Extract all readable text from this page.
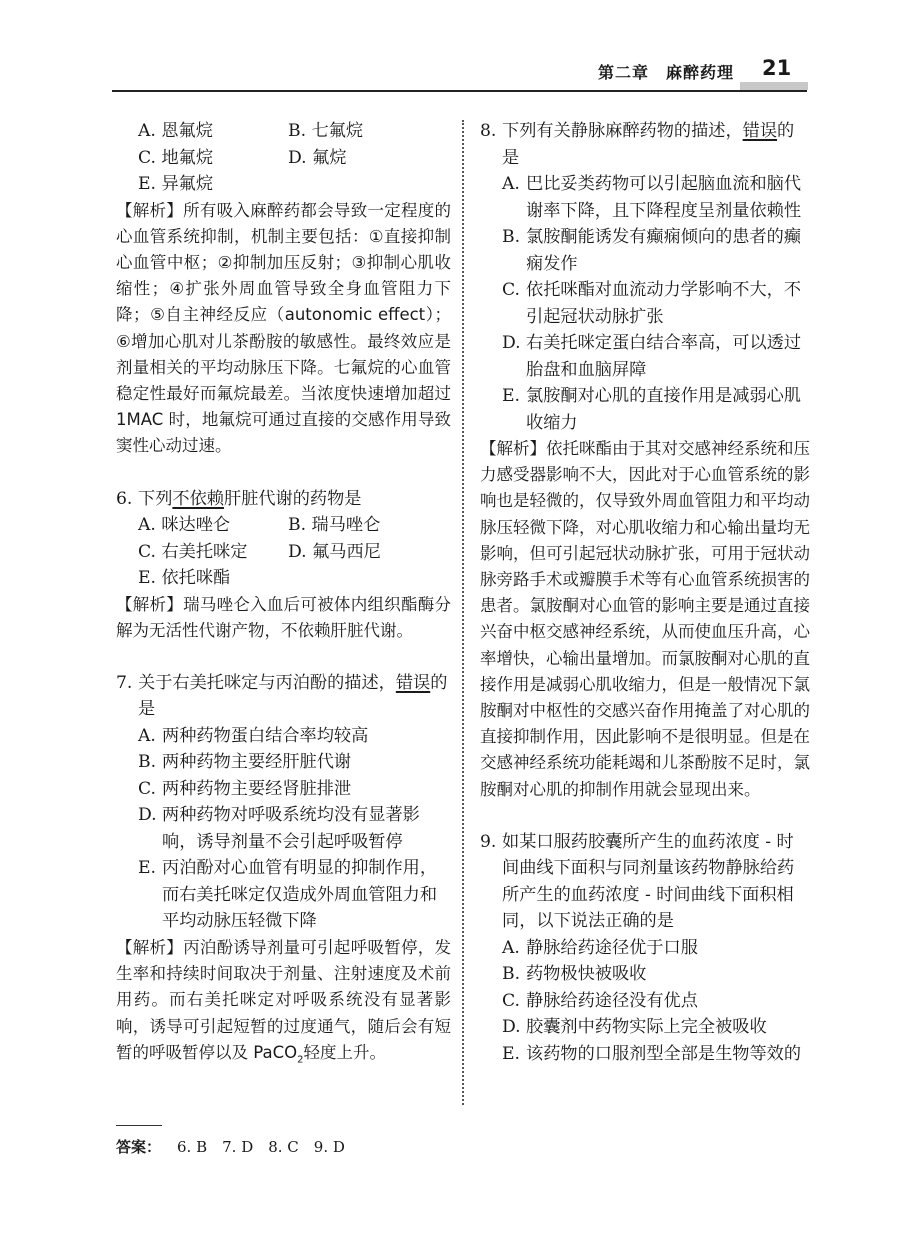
第二章　麻醉药理 21
A. 恩氟烷	B. 七氟烷
C. 地氟烷	D. 氟烷
E. 异氟烷
【解析】所有吸入麻醉药都会导致一定程度的心血管系统抑制，机制主要包括：①直接抑制心血管中枢；②抑制加压反射；③抑制心肌收缩性；④扩张外周血管导致全身血管阻力下降；⑤自主神经反应（autonomic effect）；⑥增加心肌对儿茶酚胺的敏感性。最终效应是剂量相关的平均动脉压下降。七氟烷的心血管稳定性最好而氟烷最差。当浓度快速增加超过 1MAC 时，地氟烷可通过直接的交感作用导致窦性心动过速。
6. 下列不依赖肝脏代谢的药物是
A. 咪达唑仑	B. 瑞马唑仑
C. 右美托咪定	D. 氟马西尼
E. 依托咪酯
【解析】瑞马唑仑入血后可被体内组织酯酶分解为无活性代谢产物，不依赖肝脏代谢。
7. 关于右美托咪定与丙泊酚的描述，错误的是
A. 两种药物蛋白结合率均较高
B. 两种药物主要经肝脏代谢
C. 两种药物主要经肾脏排泄
D. 两种药物对呼吸系统均没有显著影响，诱导剂量不会引起呼吸暂停
E. 丙泊酚对心血管有明显的抑制作用，而右美托咪定仅造成外周血管阻力和平均动脉压轻微下降
【解析】丙泊酚诱导剂量可引起呼吸暂停，发生率和持续时间取决于剂量、注射速度及术前用药。而右美托咪定对呼吸系统没有显著影响，诱导可引起短暂的过度通气，随后会有短暂的呼吸暂停以及 PaCO$_2$轻度上升。
8. 下列有关静脉麻醉药物的描述，错误的是
A. 巴比妥类药物可以引起脑血流和脑代谢率下降，且下降程度呈剂量依赖性
B. 氯胺酮能诱发有癫痫倾向的患者的癫痫发作
C. 依托咪酯对血流动力学影响不大，不引起冠状动脉扩张
D. 右美托咪定蛋白结合率高，可以透过胎盘和血脑屏障
E. 氯胺酮对心肌的直接作用是减弱心肌收缩力
【解析】依托咪酯由于其对交感神经系统和压力感受器影响不大，因此对于心血管系统的影响也是轻微的，仅导致外周血管阻力和平均动脉压轻微下降，对心肌收缩力和心输出量均无影响，但可引起冠状动脉扩张，可用于冠状动脉旁路手术或瓣膜手术等有心血管系统损害的患者。氯胺酮对心血管的影响主要是通过直接兴奋中枢交感神经系统，从而使血压升高，心率增快，心输出量增加。而氯胺酮对心肌的直接作用是减弱心肌收缩力，但是一般情况下氯胺酮对中枢性的交感兴奋作用掩盖了对心肌的直接抑制作用，因此影响不是很明显。但是在交感神经系统功能耗竭和儿茶酚胺不足时，氯胺酮对心肌的抑制作用就会显现出来。
9. 如某口服药胶囊所产生的血药浓度 - 时间曲线下面积与同剂量该药物静脉给药所产生的血药浓度 - 时间曲线下面积相同，以下说法正确的是
A. 静脉给药途径优于口服
B. 药物极快被吸收
C. 静脉给药途径没有优点
D. 胶囊剂中药物实际上完全被吸收
E. 该药物的口服剂型全部是生物等效的
答案： 6. B　7. D　8. C　9. D
